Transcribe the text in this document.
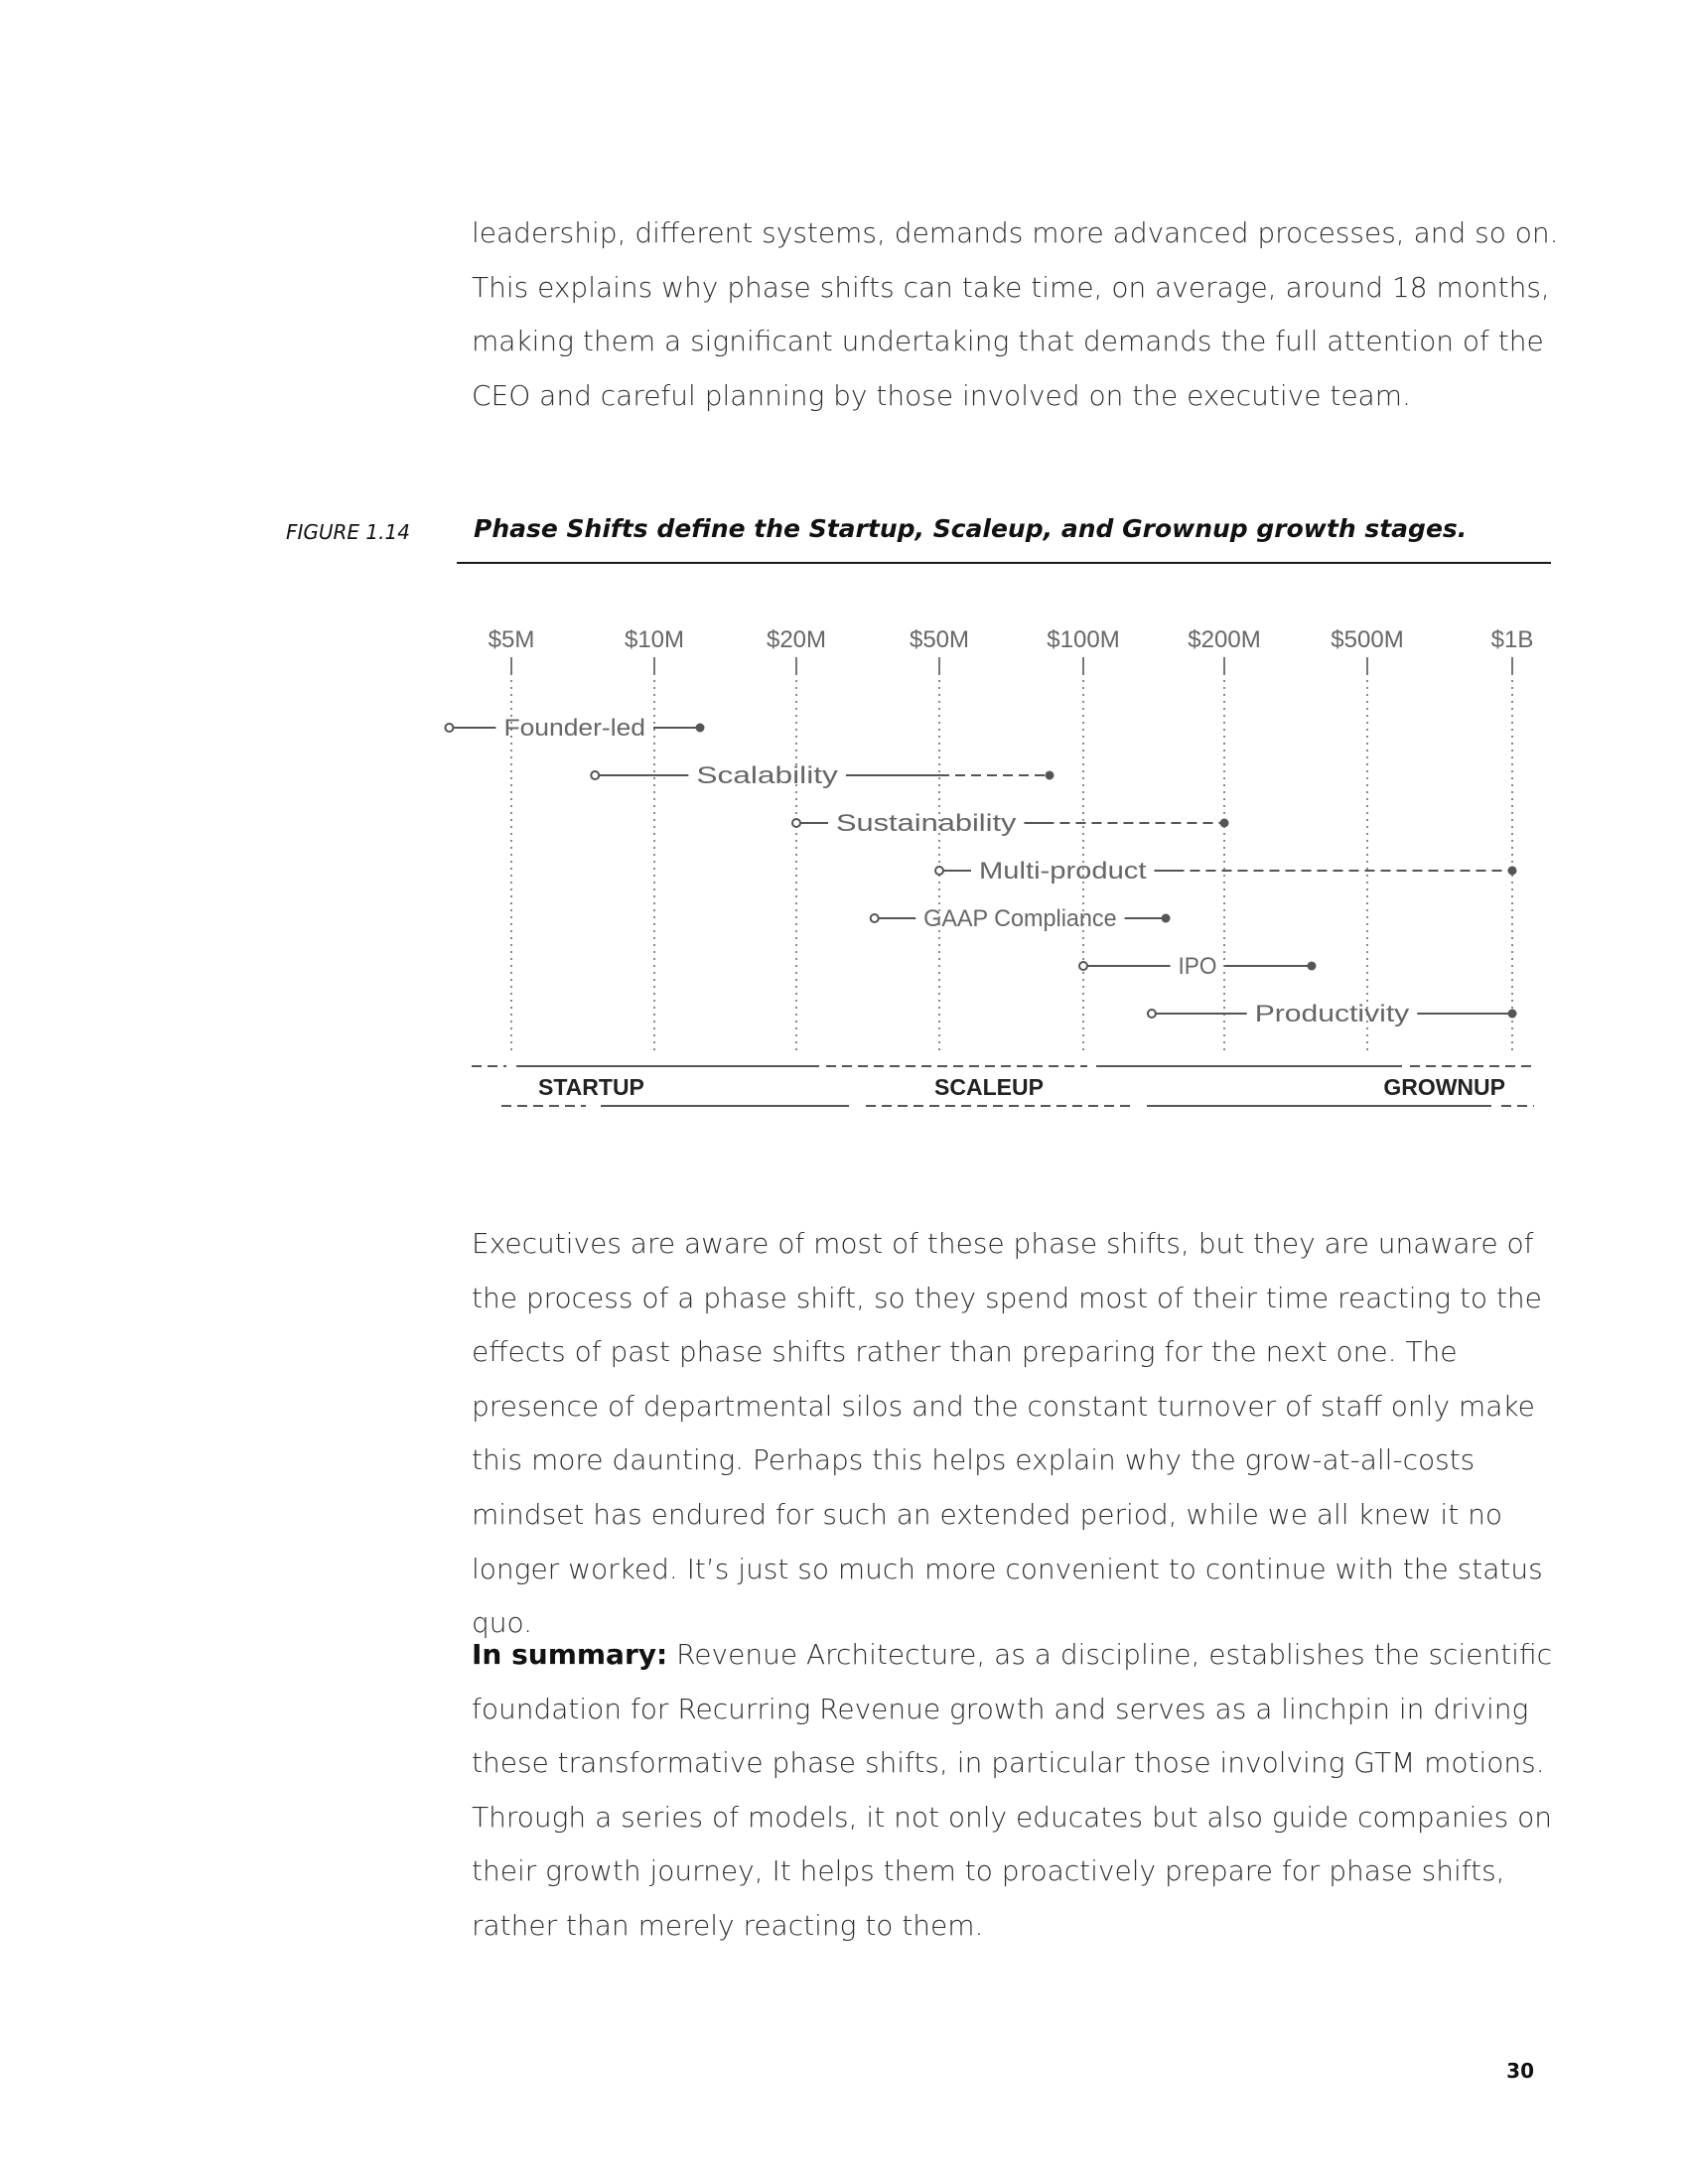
leadership, different systems, demands more advanced processes, and so on. This explains why phase shifts can take time, on average, around 18 months, making them a significant undertaking that demands the full attention of the CEO and careful planning by those involved on the executive team.

FIGURE 1.14	Phase Shifts define the Startup, Scaleup, and Grownup growth stages.
$5M	$10M	$20M	$50M	$100M	$200M	$500M	$1B
Founder-led
Scalability
Sustainability
Multi-product
GAAP Compliance
IPO
Productivity
STARTUP	SCALEUP	GROWNUP

Executives are aware of most of these phase shifts, but they are unaware of the process of a phase shift, so they spend most of their time reacting to the effects of past phase shifts rather than preparing for the next one. The presence of departmental silos and the constant turnover of staff only make this more daunting. Perhaps this helps explain why the grow-at-all-costs mindset has endured for such an extended period, while we all knew it no longer worked. It’s just so much more convenient to continue with the status quo.

In summary: Revenue Architecture, as a discipline, establishes the scientific foundation for Recurring Revenue growth and serves as a linchpin in driving these transformative phase shifts, in particular those involving GTM motions. Through a series of models, it not only educates but also guide companies on their growth journey, It helps them to proactively prepare for phase shifts, rather than merely reacting to them.

30
